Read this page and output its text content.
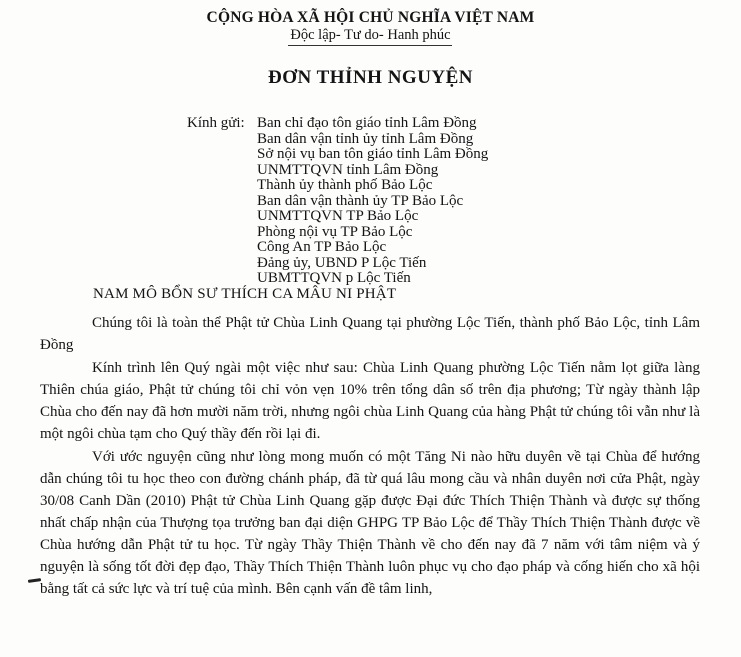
CỘNG HÒA XÃ HỘI CHỦ NGHĨA VIỆT NAM
Độc lập- Tư do- Hanh phúc
ĐƠN THỈNH NGUYỆN
Kính gửi: Ban chỉ đạo tôn giáo tỉnh Lâm Đồng
Ban dân vận tỉnh ủy tỉnh Lâm Đồng
Sở nội vụ ban tôn giáo tỉnh Lâm Đồng
UNMTTQVN tỉnh Lâm Đồng
Thành ủy thành phố Bảo Lộc
Ban dân vận thành ủy TP Bảo Lộc
UNMTTQVN TP Bảo Lộc
Phòng nội vụ TP Bảo Lộc
Công An TP Bảo Lộc
Đảng ủy, UBND P Lộc Tiến
UBMTTQVN p Lộc Tiến
NAM MÔ BỔN SƯ THÍCH CA MÂU NI PHẬT

Chúng tôi là toàn thể Phật tử Chùa Linh Quang tại phường Lộc Tiến, thành phố Bảo Lộc, tỉnh Lâm Đồng

Kính trình lên Quý ngài một việc như sau: Chùa Linh Quang phường Lộc Tiến nằm lọt giữa làng Thiên chúa giáo, Phật tử chúng tôi chỉ vỏn vẹn 10% trên tổng dân số trên địa phương; Từ ngày thành lập Chùa cho đến nay đã hơn mười năm trời, nhưng ngôi chùa Linh Quang của hàng Phật tử chúng tôi vẫn như là một ngôi chùa tạm cho Quý thầy đến rồi lại đi.

Với ước nguyện cũng như lòng mong muốn có một Tăng Ni nào hữu duyên về tại Chùa để hướng dẫn chúng tôi tu học theo con đường chánh pháp, đã từ quá lâu mong cầu và nhân duyên nơi cửa Phật, ngày 30/08 Canh Dần (2010) Phật tử Chùa Linh Quang gặp được Đại đức Thích Thiện Thành và được sự thống nhất chấp nhận của Thượng tọa trưởng ban đại diện GHPG TP Bảo Lộc để Thầy Thích Thiện Thành được về Chùa hướng dẫn Phật tử tu học. Từ ngày Thầy Thiện Thành về cho đến nay đã 7 năm với tâm niệm và ý nguyện là sống tốt đời đẹp đạo, Thầy Thích Thiện Thành luôn phục vụ cho đạo pháp và cống hiến cho xã hội bằng tất cả sức lực và trí tuệ của mình. Bên cạnh vấn đề tâm linh,
